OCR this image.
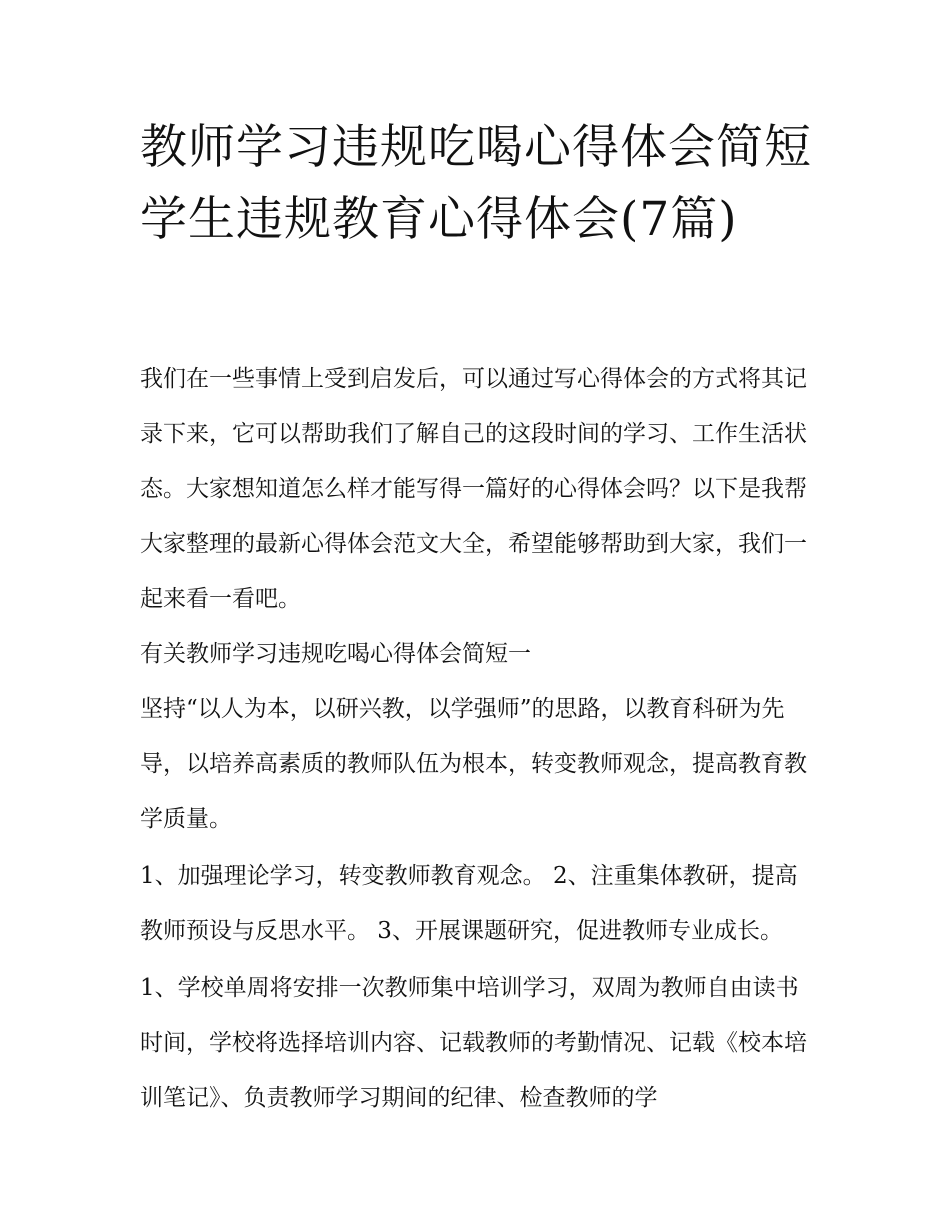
教师学习违规吃喝心得体会简短 学生违规教育心得体会(7篇)

我们在一些事情上受到启发后，可以通过写心得体会的方式将其记录下来，它可以帮助我们了解自己的这段时间的学习、工作生活状态。大家想知道怎么样才能写得一篇好的心得体会吗？以下是我帮大家整理的最新心得体会范文大全，希望能够帮助到大家，我们一起来看一看吧。

有关教师学习违规吃喝心得体会简短一

坚持“以人为本，以研兴教，以学强师”的思路，以教育科研为先导，以培养高素质的教师队伍为根本，转变教师观念，提高教育教学质量。

1、加强理论学习，转变教师教育观念。 2、注重集体教研，提高教师预设与反思水平。 3、开展课题研究，促进教师专业成长。

1、学校单周将安排一次教师集中培训学习，双周为教师自由读书时间，学校将选择培训内容、记载教师的考勤情况、记载《校本培训笔记》、负责教师学习期间的纪律、检查教师的学
